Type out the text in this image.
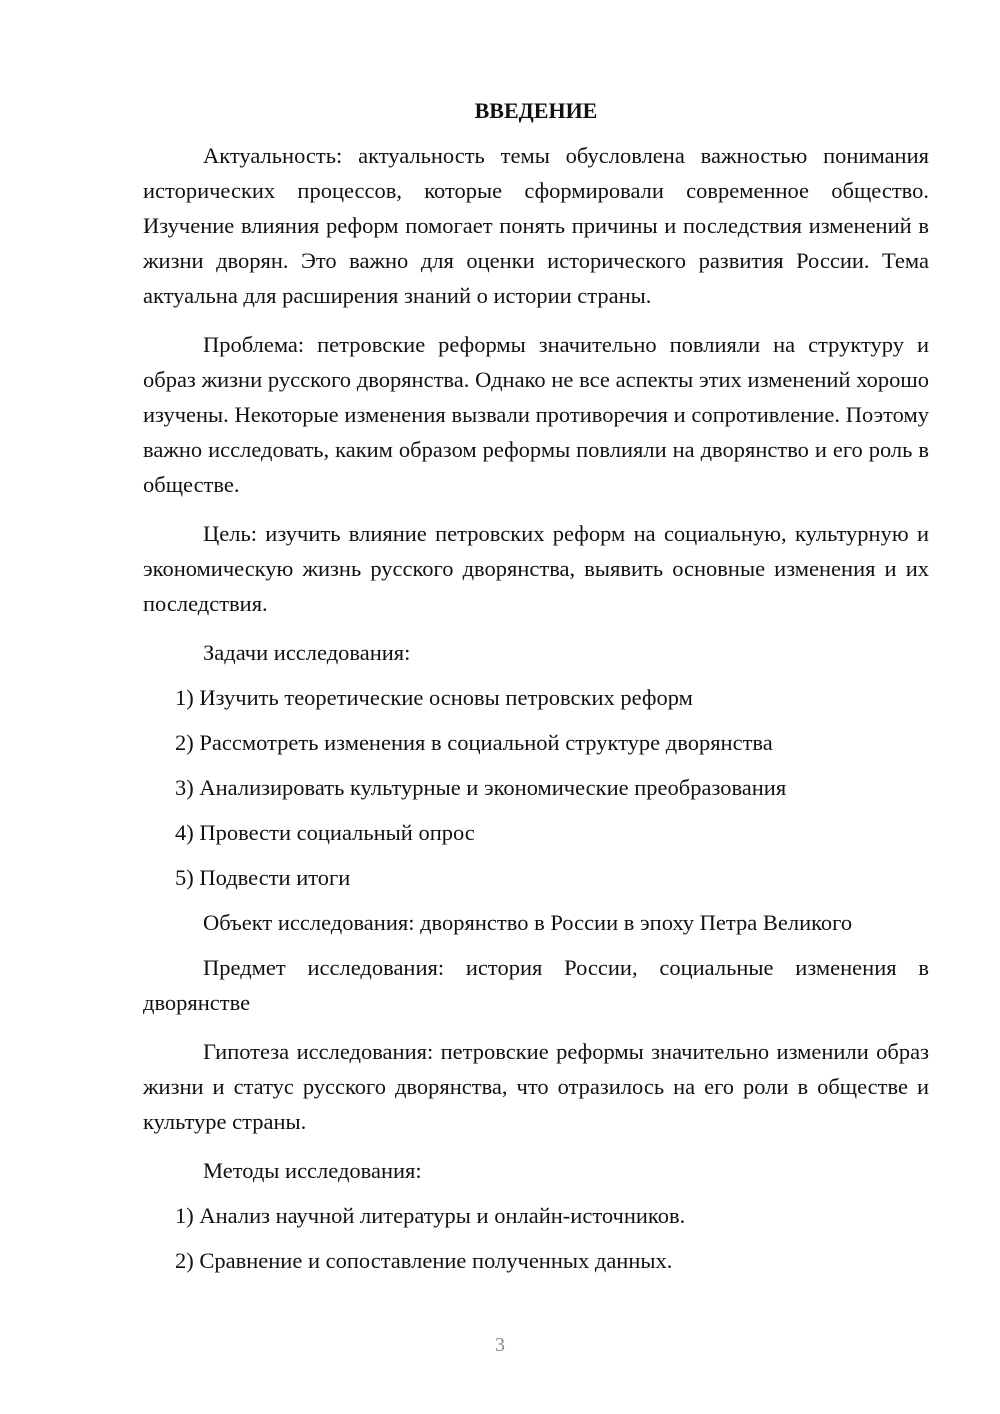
ВВЕДЕНИЕ

Актуальность: актуальность темы обусловлена важностью понимания исторических процессов, которые сформировали современное общество. Изучение влияния реформ помогает понять причины и последствия изменений в жизни дворян. Это важно для оценки исторического развития России. Тема актуальна для расширения знаний о истории страны.

Проблема: петровские реформы значительно повлияли на структуру и образ жизни русского дворянства. Однако не все аспекты этих изменений хорошо изучены. Некоторые изменения вызвали противоречия и сопротивление. Поэтому важно исследовать, каким образом реформы повлияли на дворянство и его роль в обществе.

Цель: изучить влияние петровских реформ на социальную, культурную и экономическую жизнь русского дворянства, выявить основные изменения и их последствия.

Задачи исследования:
1) Изучить теоретические основы петровских реформ
2) Рассмотреть изменения в социальной структуре дворянства
3) Анализировать культурные и экономические преобразования
4) Провести социальный опрос
5) Подвести итоги

Объект исследования: дворянство в России в эпоху Петра Великого

Предмет исследования: история России, социальные изменения в дворянстве

Гипотеза исследования: петровские реформы значительно изменили образ жизни и статус русского дворянства, что отразилось на его роли в обществе и культуре страны.

Методы исследования:
1) Анализ научной литературы и онлайн-источников.
2) Сравнение и сопоставление полученных данных.
3
